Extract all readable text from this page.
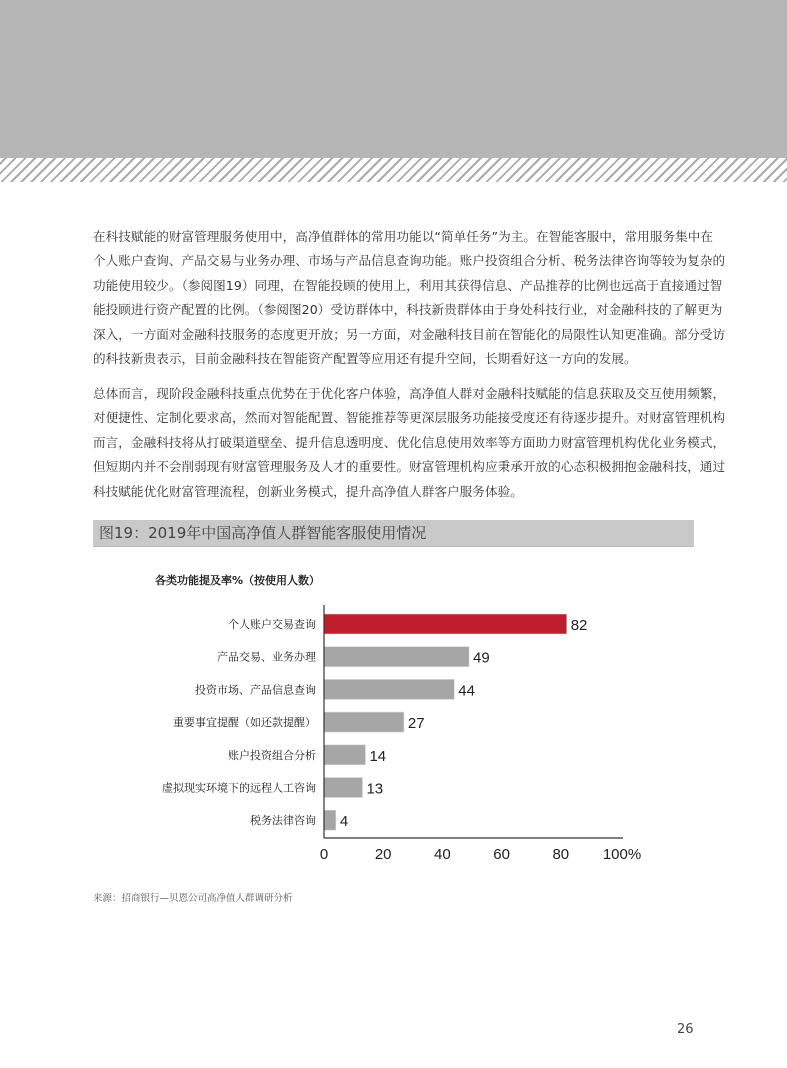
在科技赋能的财富管理服务使用中，高净值群体的常用功能以“简单任务”为主。在智能客服中，常用服务集中在
个人账户查询、产品交易与业务办理、市场与产品信息查询功能。账户投资组合分析、税务法律咨询等较为复杂的
功能使用较少。（参阅图19）同理，在智能投顾的使用上，利用其获得信息、产品推荐的比例也远高于直接通过智
能投顾进行资产配置的比例。（参阅图20）受访群体中，科技新贵群体由于身处科技行业，对金融科技的了解更为
深入，一方面对金融科技服务的态度更开放；另一方面，对金融科技目前在智能化的局限性认知更准确。部分受访
的科技新贵表示，目前金融科技在智能资产配置等应用还有提升空间，长期看好这一方向的发展。
总体而言，现阶段金融科技重点优势在于优化客户体验，高净值人群对金融科技赋能的信息获取及交互使用频繁，
对便捷性、定制化要求高，然而对智能配置、智能推荐等更深层服务功能接受度还有待逐步提升。对财富管理机构
而言，金融科技将从打破渠道壁垒、提升信息透明度、优化信息使用效率等方面助力财富管理机构优化业务模式，
但短期内并不会削弱现有财富管理服务及人才的重要性。财富管理机构应秉承开放的心态积极拥抱金融科技，通过
科技赋能优化财富管理流程，创新业务模式，提升高净值人群客户服务体验。
图19：2019年中国高净值人群智能客服使用情况
各类功能提及率%（按使用人数）
个人账户交易查询	82
产品交易、业务办理	49
投资市场、产品信息查询	44
重要事宜提醒（如还款提醒）	27
账户投资组合分析	14
虚拟现实环境下的远程人工咨询	13
税务法律咨询 4
0	20	40	60	80 100%
来源：招商银行—贝恩公司高净值人群调研分析
26
